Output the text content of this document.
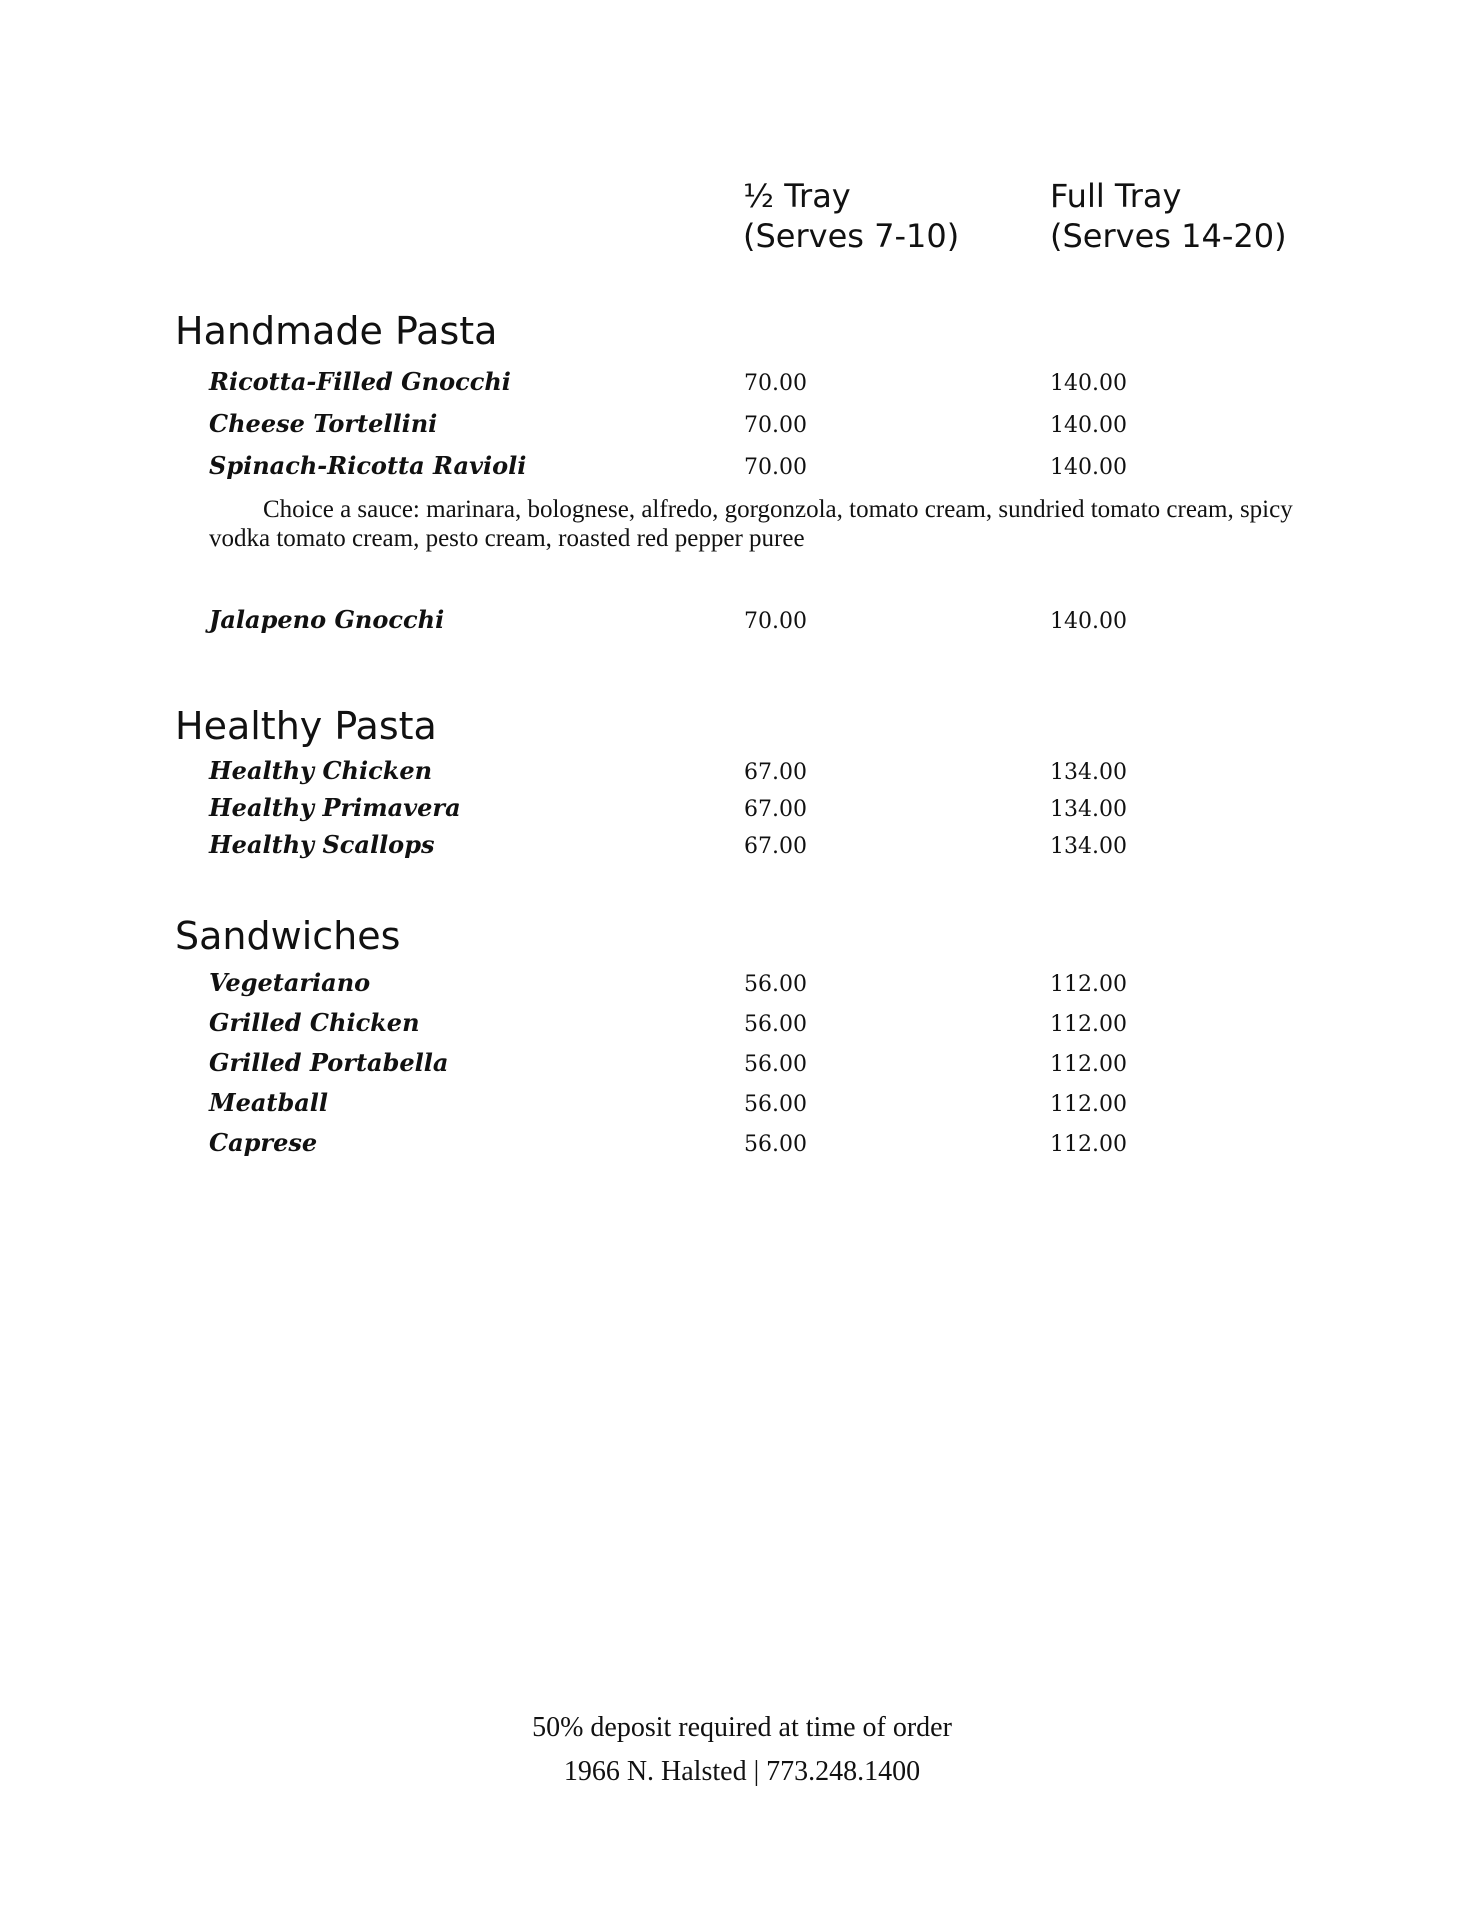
½ Tray
(Serves 7-10)
Full Tray
(Serves 14-20)
Handmade Pasta
Ricotta-Filled Gnocchi	70.00	140.00
Cheese Tortellini	70.00	140.00
Spinach-Ricotta Ravioli	70.00	140.00
Choice a sauce: marinara, bolognese, alfredo, gorgonzola, tomato cream, sundried tomato cream, spicy vodka tomato cream, pesto cream, roasted red pepper puree
Jalapeno Gnocchi	70.00	140.00
Healthy Pasta
Healthy Chicken	67.00	134.00
Healthy Primavera	67.00	134.00
Healthy Scallops	67.00	134.00
Sandwiches
Vegetariano	56.00	112.00
Grilled Chicken	56.00	112.00
Grilled Portabella	56.00	112.00
Meatball	56.00	112.00
Caprese	56.00	112.00
50% deposit required at time of order
1966 N. Halsted | 773.248.1400
